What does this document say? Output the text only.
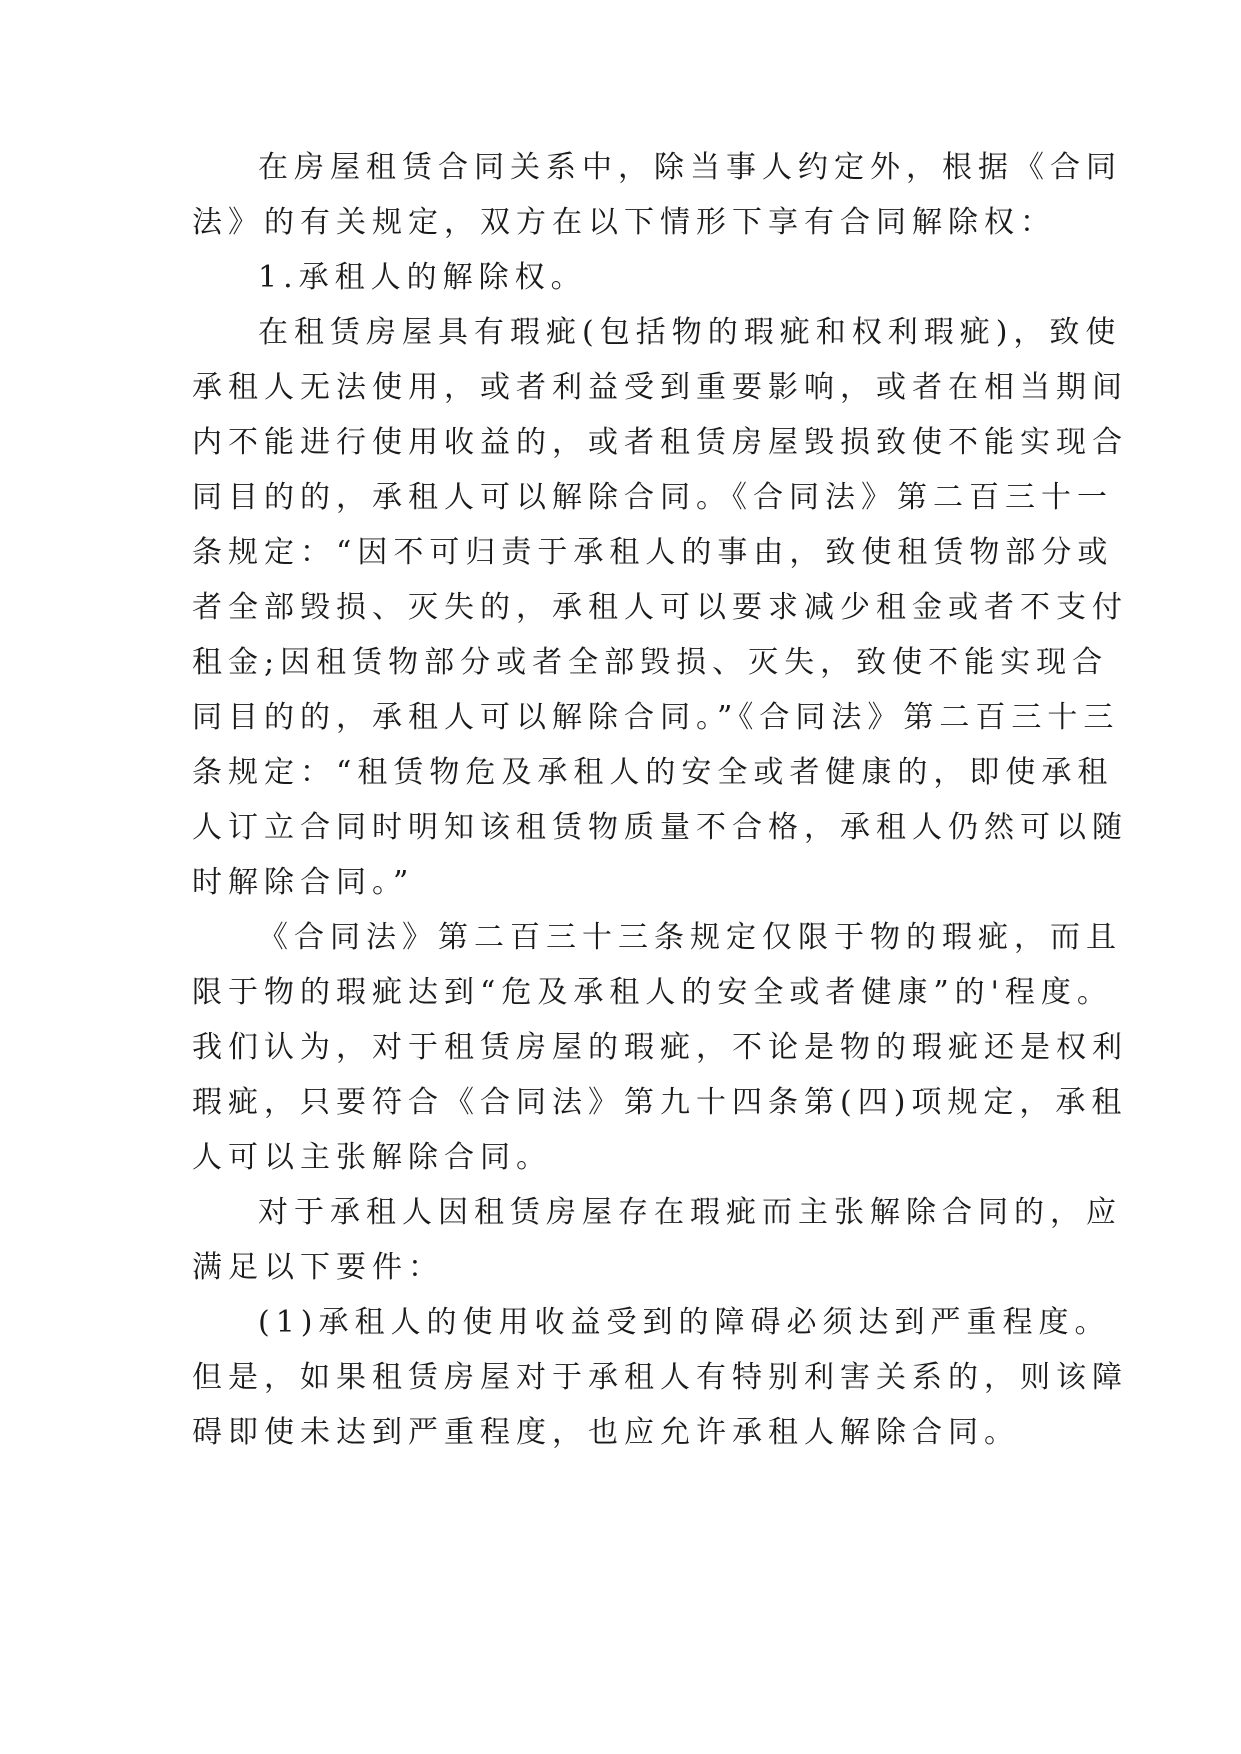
在房屋租赁合同关系中，除当事人约定外，根据《合同
法》的有关规定，双方在以下情形下享有合同解除权：
1.承租人的解除权。
在租赁房屋具有瑕疵(包括物的瑕疵和权利瑕疵)，致使
承租人无法使用，或者利益受到重要影响，或者在相当期间
内不能进行使用收益的，或者租赁房屋毁损致使不能实现合
同目的的，承租人可以解除合同。《合同法》第二百三十一
条规定：“因不可归责于承租人的事由，致使租赁物部分或
者全部毁损、灭失的，承租人可以要求减少租金或者不支付
租金;因租赁物部分或者全部毁损、灭失，致使不能实现合
同目的的，承租人可以解除合同。”《合同法》第二百三十三
条规定：“租赁物危及承租人的安全或者健康的，即使承租
人订立合同时明知该租赁物质量不合格，承租人仍然可以随
时解除合同。”
《合同法》第二百三十三条规定仅限于物的瑕疵，而且
限于物的瑕疵达到“危及承租人的安全或者健康”的'程度。
我们认为，对于租赁房屋的瑕疵，不论是物的瑕疵还是权利
瑕疵，只要符合《合同法》第九十四条第(四)项规定，承租
人可以主张解除合同。
对于承租人因租赁房屋存在瑕疵而主张解除合同的，应
满足以下要件：
(1)承租人的使用收益受到的障碍必须达到严重程度。
但是，如果租赁房屋对于承租人有特别利害关系的，则该障
碍即使未达到严重程度，也应允许承租人解除合同。
